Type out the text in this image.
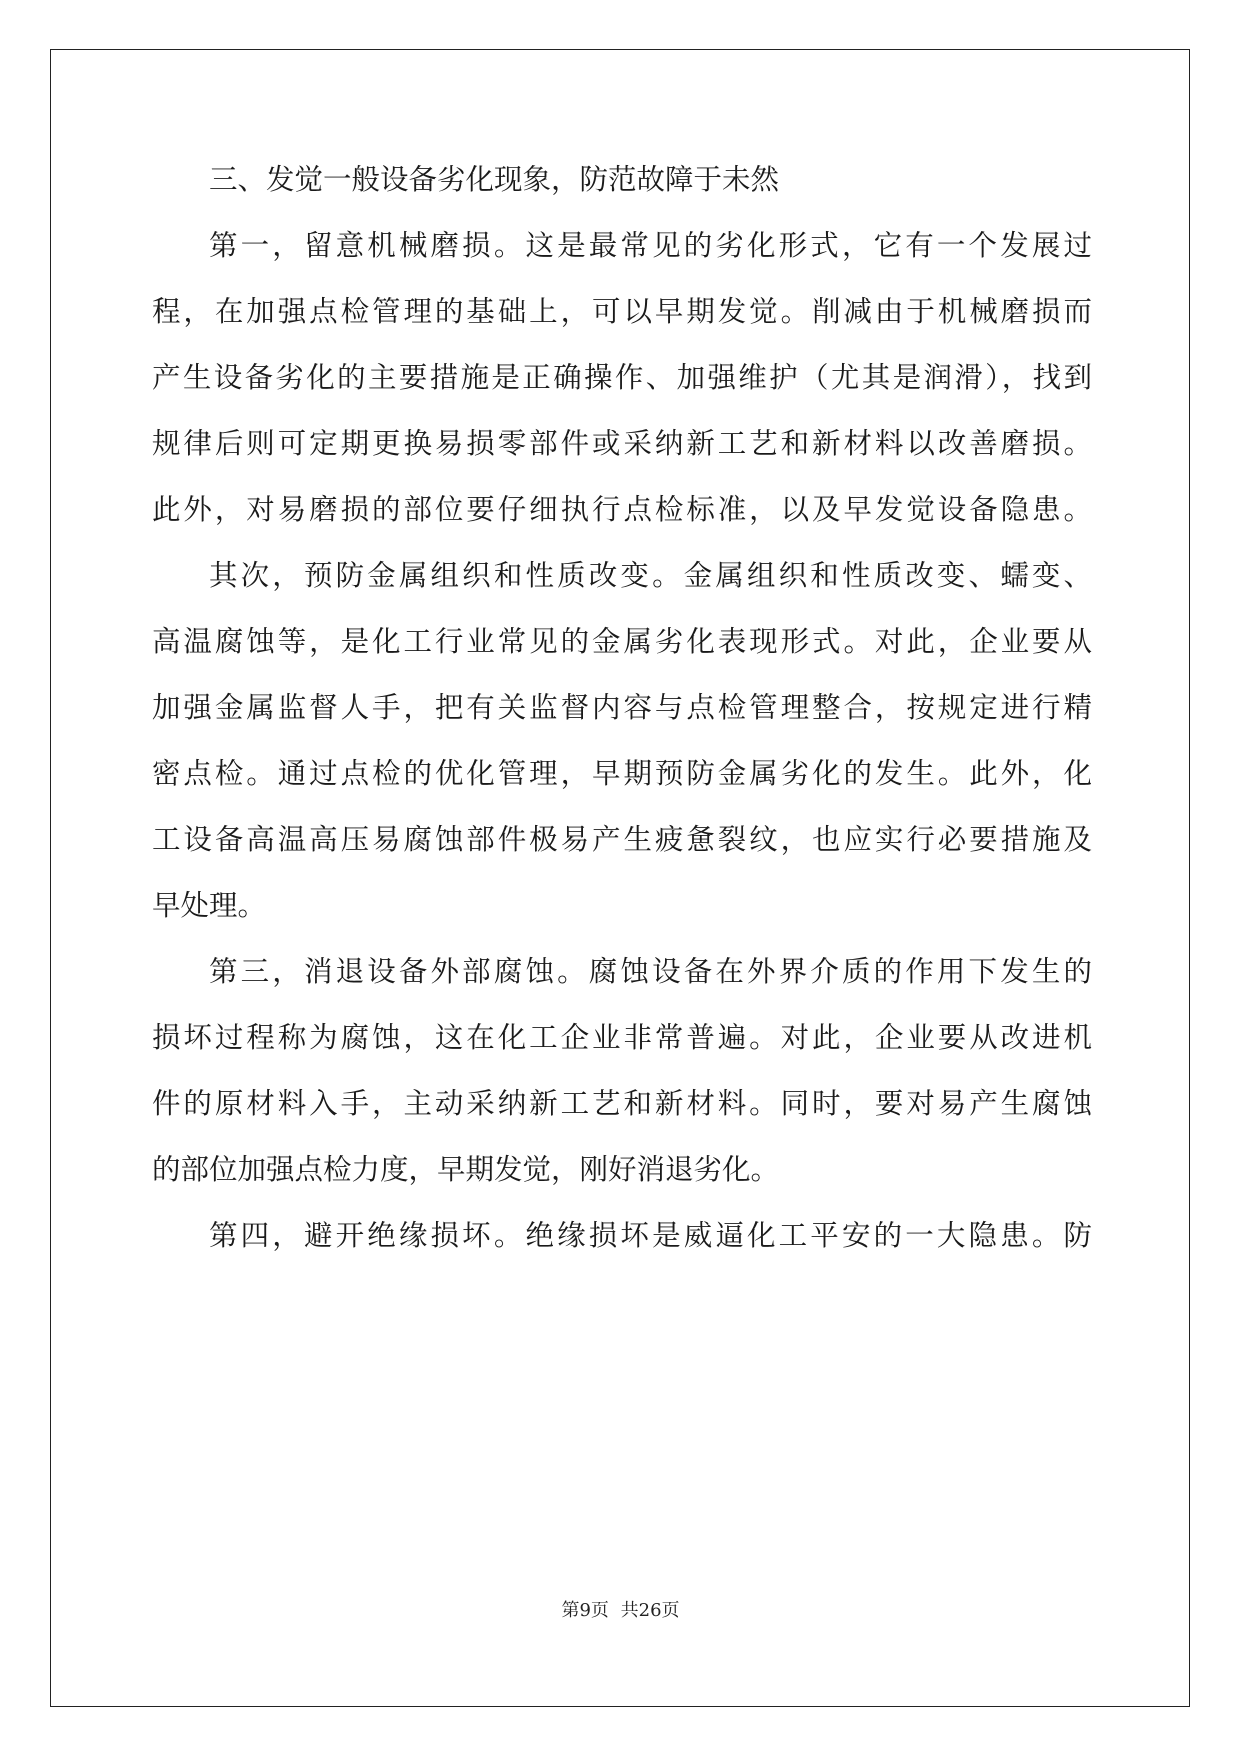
三、发觉一般设备劣化现象，防范故障于未然
第一，留意机械磨损。这是最常见的劣化形式，它有一个发展过
程，在加强点检管理的基础上，可以早期发觉。削减由于机械磨损而
产生设备劣化的主要措施是正确操作、加强维护（尤其是润滑），找到
规律后则可定期更换易损零部件或采纳新工艺和新材料以改善磨损。
此外，对易磨损的部位要仔细执行点检标准，以及早发觉设备隐患。
其次，预防金属组织和性质改变。金属组织和性质改变、蠕变、
高温腐蚀等，是化工行业常见的金属劣化表现形式。对此，企业要从
加强金属监督人手，把有关监督内容与点检管理整合，按规定进行精
密点检。通过点检的优化管理，早期预防金属劣化的发生。此外，化
工设备高温高压易腐蚀部件极易产生疲惫裂纹，也应实行必要措施及
早处理。
第三，消退设备外部腐蚀。腐蚀设备在外界介质的作用下发生的
损坏过程称为腐蚀，这在化工企业非常普遍。对此，企业要从改进机
件的原材料入手，主动采纳新工艺和新材料。同时，要对易产生腐蚀
的部位加强点检力度，早期发觉，刚好消退劣化。
第四，避开绝缘损坏。绝缘损坏是威逼化工平安的一大隐患。防
第9页 共26页
